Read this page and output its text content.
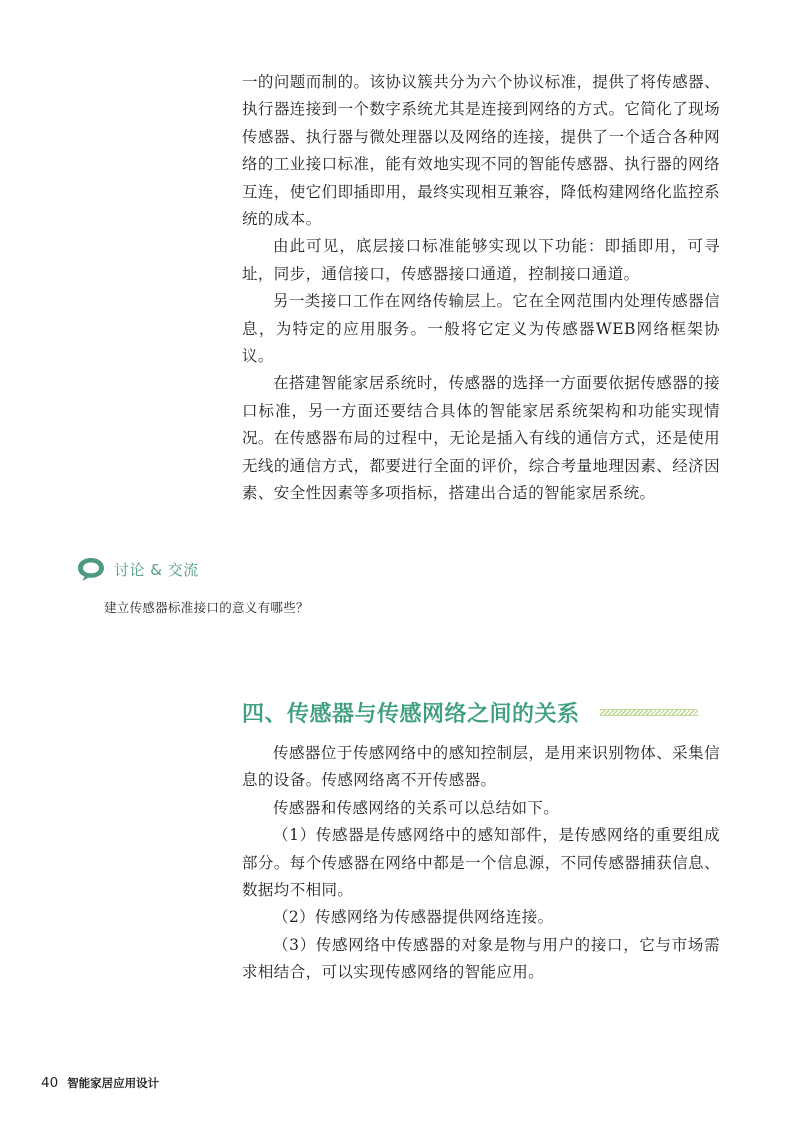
一的问题而制的。该协议簇共分为六个协议标准，提供了将传感器、执行器连接到一个数字系统尤其是连接到网络的方式。它简化了现场传感器、执行器与微处理器以及网络的连接，提供了一个适合各种网络的工业接口标准，能有效地实现不同的智能传感器、执行器的网络互连，使它们即插即用，最终实现相互兼容，降低构建网络化监控系统的成本。

由此可见，底层接口标准能够实现以下功能：即插即用，可寻址，同步，通信接口，传感器接口通道，控制接口通道。

另一类接口工作在网络传输层上。它在全网范围内处理传感器信息，为特定的应用服务。一般将它定义为传感器WEB网络框架协议。

在搭建智能家居系统时，传感器的选择一方面要依据传感器的接口标准，另一方面还要结合具体的智能家居系统架构和功能实现情况。在传感器布局的过程中，无论是插入有线的通信方式，还是使用无线的通信方式，都要进行全面的评价，综合考量地理因素、经济因素、安全性因素等多项指标，搭建出合适的智能家居系统。

讨论 & 交流
建立传感器标准接口的意义有哪些？
四、传感器与传感网络之间的关系

传感器位于传感网络中的感知控制层，是用来识别物体、采集信息的设备。传感网络离不开传感器。

传感器和传感网络的关系可以总结如下。

（1）传感器是传感网络中的感知部件，是传感网络的重要组成部分。每个传感器在网络中都是一个信息源，不同传感器捕获信息、数据均不相同。

（2）传感网络为传感器提供网络连接。

（3）传感网络中传感器的对象是物与用户的接口，它与市场需求相结合，可以实现传感网络的智能应用。

40 智能家居应用设计
